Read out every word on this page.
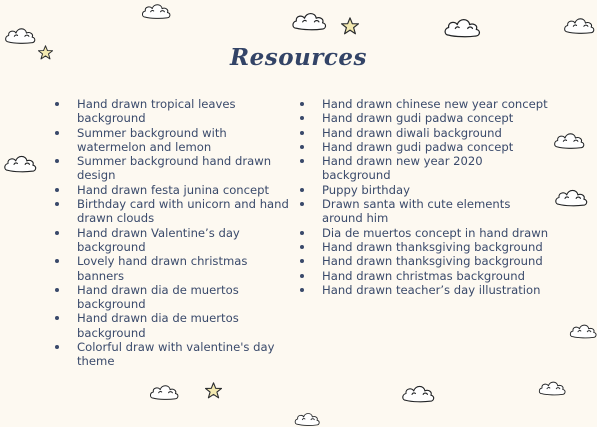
Resources
Hand drawn tropical leaves background
Summer background with watermelon and lemon
Summer background hand drawn design
Hand drawn festa junina concept
Birthday card with unicorn and hand drawn clouds
Hand drawn Valentine’s day background
Lovely hand drawn christmas banners
Hand drawn dia de muertos background
Hand drawn dia de muertos background
Colorful draw with valentine's day theme
Hand drawn chinese new year concept
Hand drawn gudi padwa concept
Hand drawn diwali background
Hand drawn gudi padwa concept
Hand drawn new year 2020 background
Puppy birthday
Drawn santa with cute elements around him
Dia de muertos concept in hand drawn
Hand drawn thanksgiving background
Hand drawn thanksgiving background
Hand drawn christmas background
Hand drawn teacher’s day illustration
